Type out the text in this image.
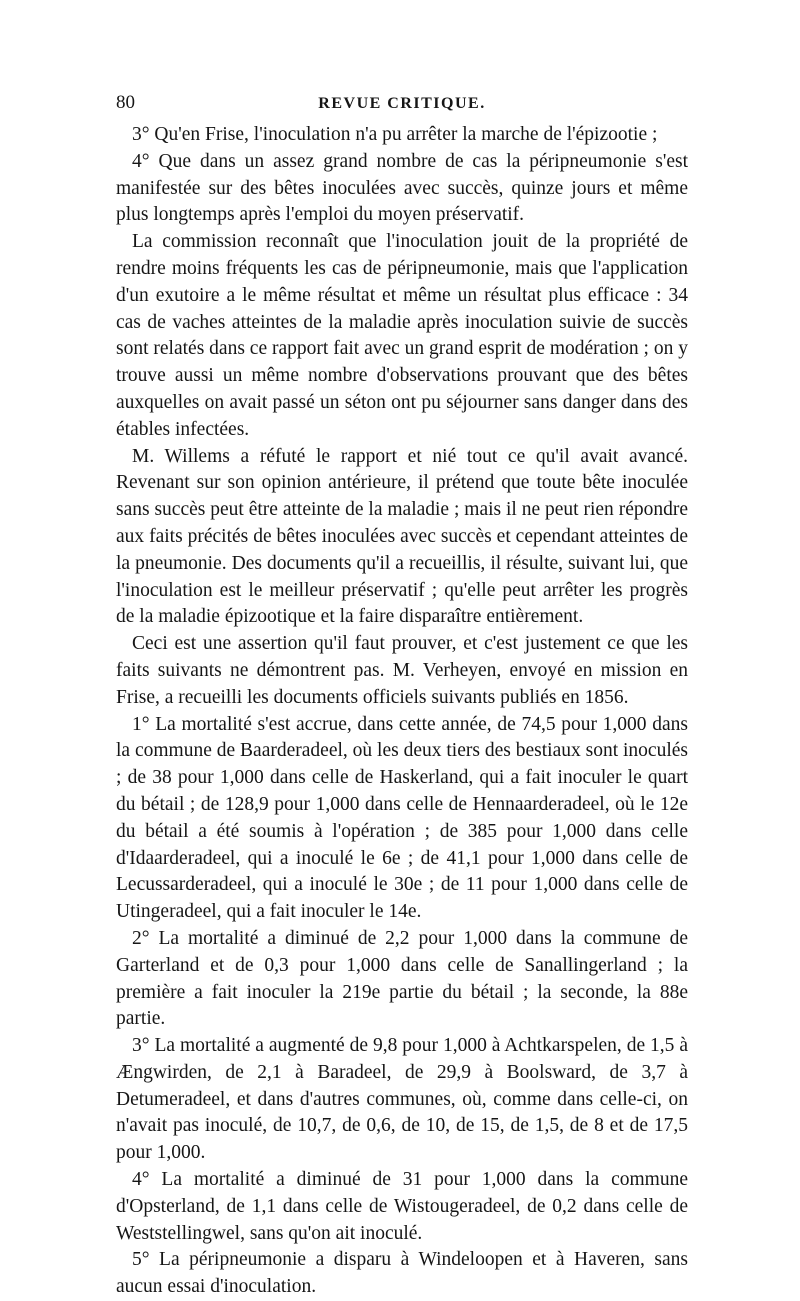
80	REVUE CRITIQUE.

3° Qu'en Frise, l'inoculation n'a pu arrêter la marche de l'épizootie ;

4° Que dans un assez grand nombre de cas la péripneumonie s'est manifestée sur des bêtes inoculées avec succès, quinze jours et même plus longtemps après l'emploi du moyen préservatif.

La commission reconnaît que l'inoculation jouit de la propriété de rendre moins fréquents les cas de péripneumonie, mais que l'application d'un exutoire a le même résultat et même un résultat plus efficace : 34 cas de vaches atteintes de la maladie après inoculation suivie de succès sont relatés dans ce rapport fait avec un grand esprit de modération ; on y trouve aussi un même nombre d'observations prouvant que des bêtes auxquelles on avait passé un séton ont pu séjourner sans danger dans des étables infectées.

M. Willems a réfuté le rapport et nié tout ce qu'il avait avancé. Revenant sur son opinion antérieure, il prétend que toute bête inoculée sans succès peut être atteinte de la maladie ; mais il ne peut rien répondre aux faits précités de bêtes inoculées avec succès et cependant atteintes de la pneumonie. Des documents qu'il a recueillis, il résulte, suivant lui, que l'inoculation est le meilleur préservatif ; qu'elle peut arrêter les progrès de la maladie épizootique et la faire disparaître entièrement.

Ceci est une assertion qu'il faut prouver, et c'est justement ce que les faits suivants ne démontrent pas. M. Verheyen, envoyé en mission en Frise, a recueilli les documents officiels suivants publiés en 1856.

1° La mortalité s'est accrue, dans cette année, de 74,5 pour 1,000 dans la commune de Baarderadeel, où les deux tiers des bestiaux sont inoculés ; de 38 pour 1,000 dans celle de Haskerland, qui a fait inoculer le quart du bétail ; de 128,9 pour 1,000 dans celle de Hennaarderadeel, où le 12e du bétail a été soumis à l'opération ; de 385 pour 1,000 dans celle d'Idaarderadeel, qui a inoculé le 6e ; de 41,1 pour 1,000 dans celle de Lecussarderadeel, qui a inoculé le 30e ; de 11 pour 1,000 dans celle de Utingeradeel, qui a fait inoculer le 14e.

2° La mortalité a diminué de 2,2 pour 1,000 dans la commune de Garterland et de 0,3 pour 1,000 dans celle de Sanallingerland ; la première a fait inoculer la 219e partie du bétail ; la seconde, la 88e partie.

3° La mortalité a augmenté de 9,8 pour 1,000 à Achtkarspelen, de 1,5 à Ængwirden, de 2,1 à Baradeel, de 29,9 à Boolsward, de 3,7 à Detumeradeel, et dans d'autres communes, où, comme dans celle-ci, on n'avait pas inoculé, de 10,7, de 0,6, de 10, de 15, de 1,5, de 8 et de 17,5 pour 1,000.

4° La mortalité a diminué de 31 pour 1,000 dans la commune d'Opsterland, de 1,1 dans celle de Wistougeradeel, de 0,2 dans celle de Weststellingwel, sans qu'on ait inoculé.

5° La péripneumonie a disparu à Windeloopen et à Haveren, sans aucun essai d'inoculation.
